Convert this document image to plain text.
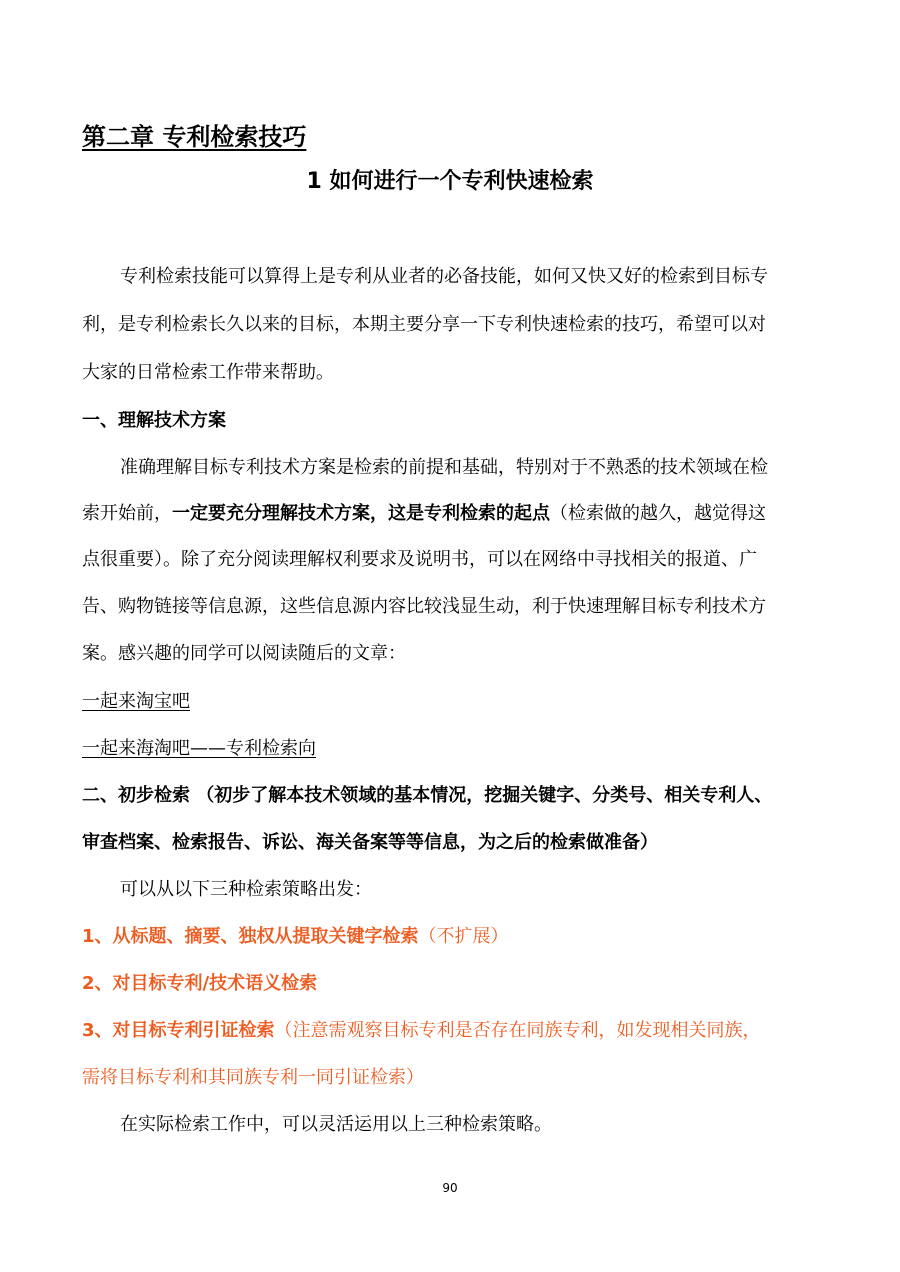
第二章 专利检索技巧
1 如何进行一个专利快速检索
专利检索技能可以算得上是专利从业者的必备技能，如何又快又好的检索到目标专
利，是专利检索长久以来的目标，本期主要分享一下专利快速检索的技巧，希望可以对
大家的日常检索工作带来帮助。
一、理解技术方案
准确理解目标专利技术方案是检索的前提和基础，特别对于不熟悉的技术领域在检
索开始前，一定要充分理解技术方案，这是专利检索的起点（检索做的越久，越觉得这
点很重要）。除了充分阅读理解权利要求及说明书，可以在网络中寻找相关的报道、广
告、购物链接等信息源，这些信息源内容比较浅显生动，利于快速理解目标专利技术方
案。感兴趣的同学可以阅读随后的文章：
一起来淘宝吧
一起来海淘吧——专利检索向
二、初步检索 （初步了解本技术领域的基本情况，挖掘关键字、分类号、相关专利人、
审查档案、检索报告、诉讼、海关备案等等信息，为之后的检索做准备）
可以从以下三种检索策略出发：
1、从标题、摘要、独权从提取关键字检索（不扩展）
2、对目标专利/技术语义检索
3、对目标专利引证检索（注意需观察目标专利是否存在同族专利，如发现相关同族，
需将目标专利和其同族专利一同引证检索）
在实际检索工作中，可以灵活运用以上三种检索策略。
90
